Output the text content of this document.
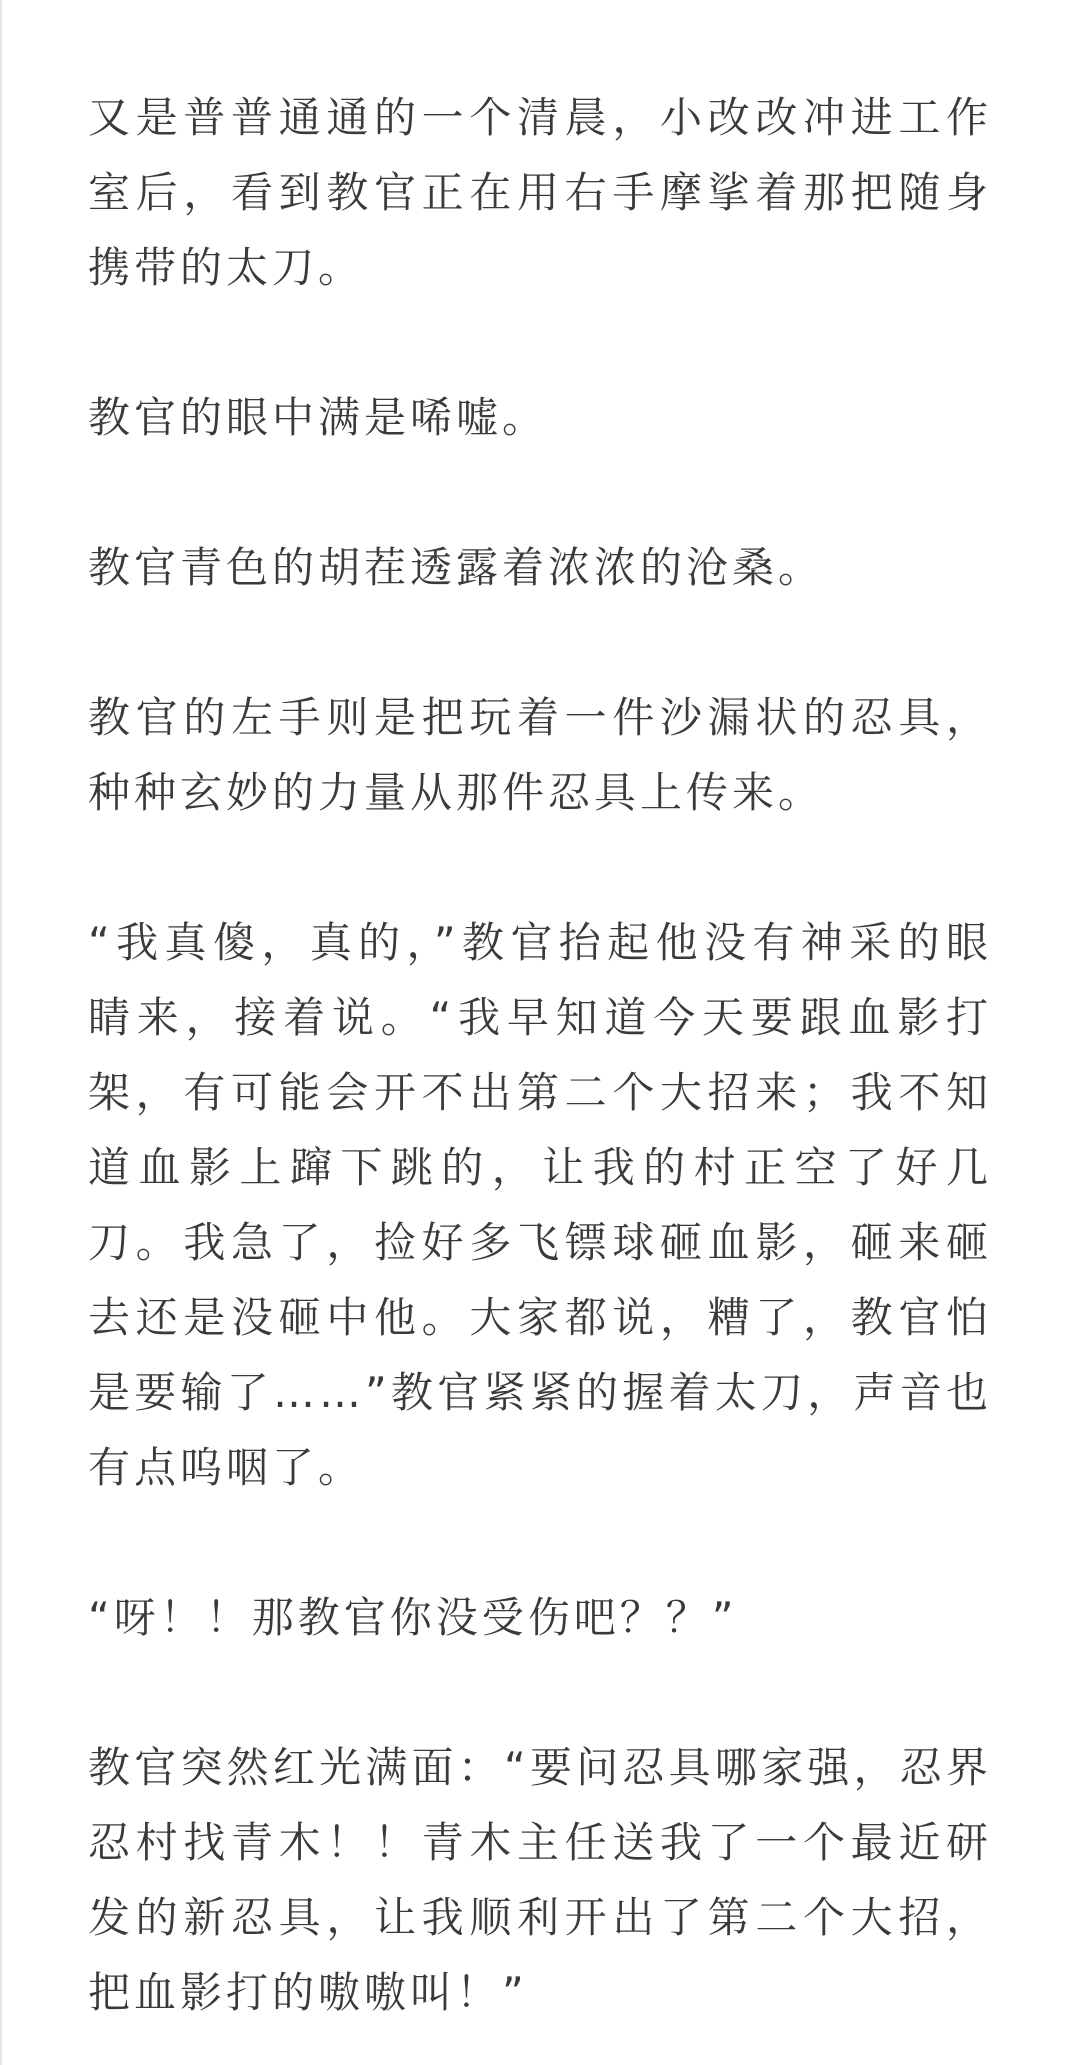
又是普普通通的一个清晨，小改改冲进工作室后，看到教官正在用右手摩挲着那把随身携带的太刀。

教官的眼中满是唏嘘。

教官青色的胡茬透露着浓浓的沧桑。

教官的左手则是把玩着一件沙漏状的忍具，种种玄妙的力量从那件忍具上传来。

“我真傻，真的，”教官抬起他没有神采的眼睛来，接着说。“我早知道今天要跟血影打架，有可能会开不出第二个大招来；我不知道血影上蹿下跳的，让我的村正空了好几刀。我急了，捡好多飞镖球砸血影，砸来砸去还是没砸中他。大家都说，糟了，教官怕是要输了……”教官紧紧的握着太刀，声音也有点呜咽了。

“呀！！那教官你没受伤吧？？”

教官突然红光满面：“要问忍具哪家强，忍界忍村找青木！！青木主任送我了一个最近研发的新忍具，让我顺利开出了第二个大招，把血影打的嗷嗷叫！”
